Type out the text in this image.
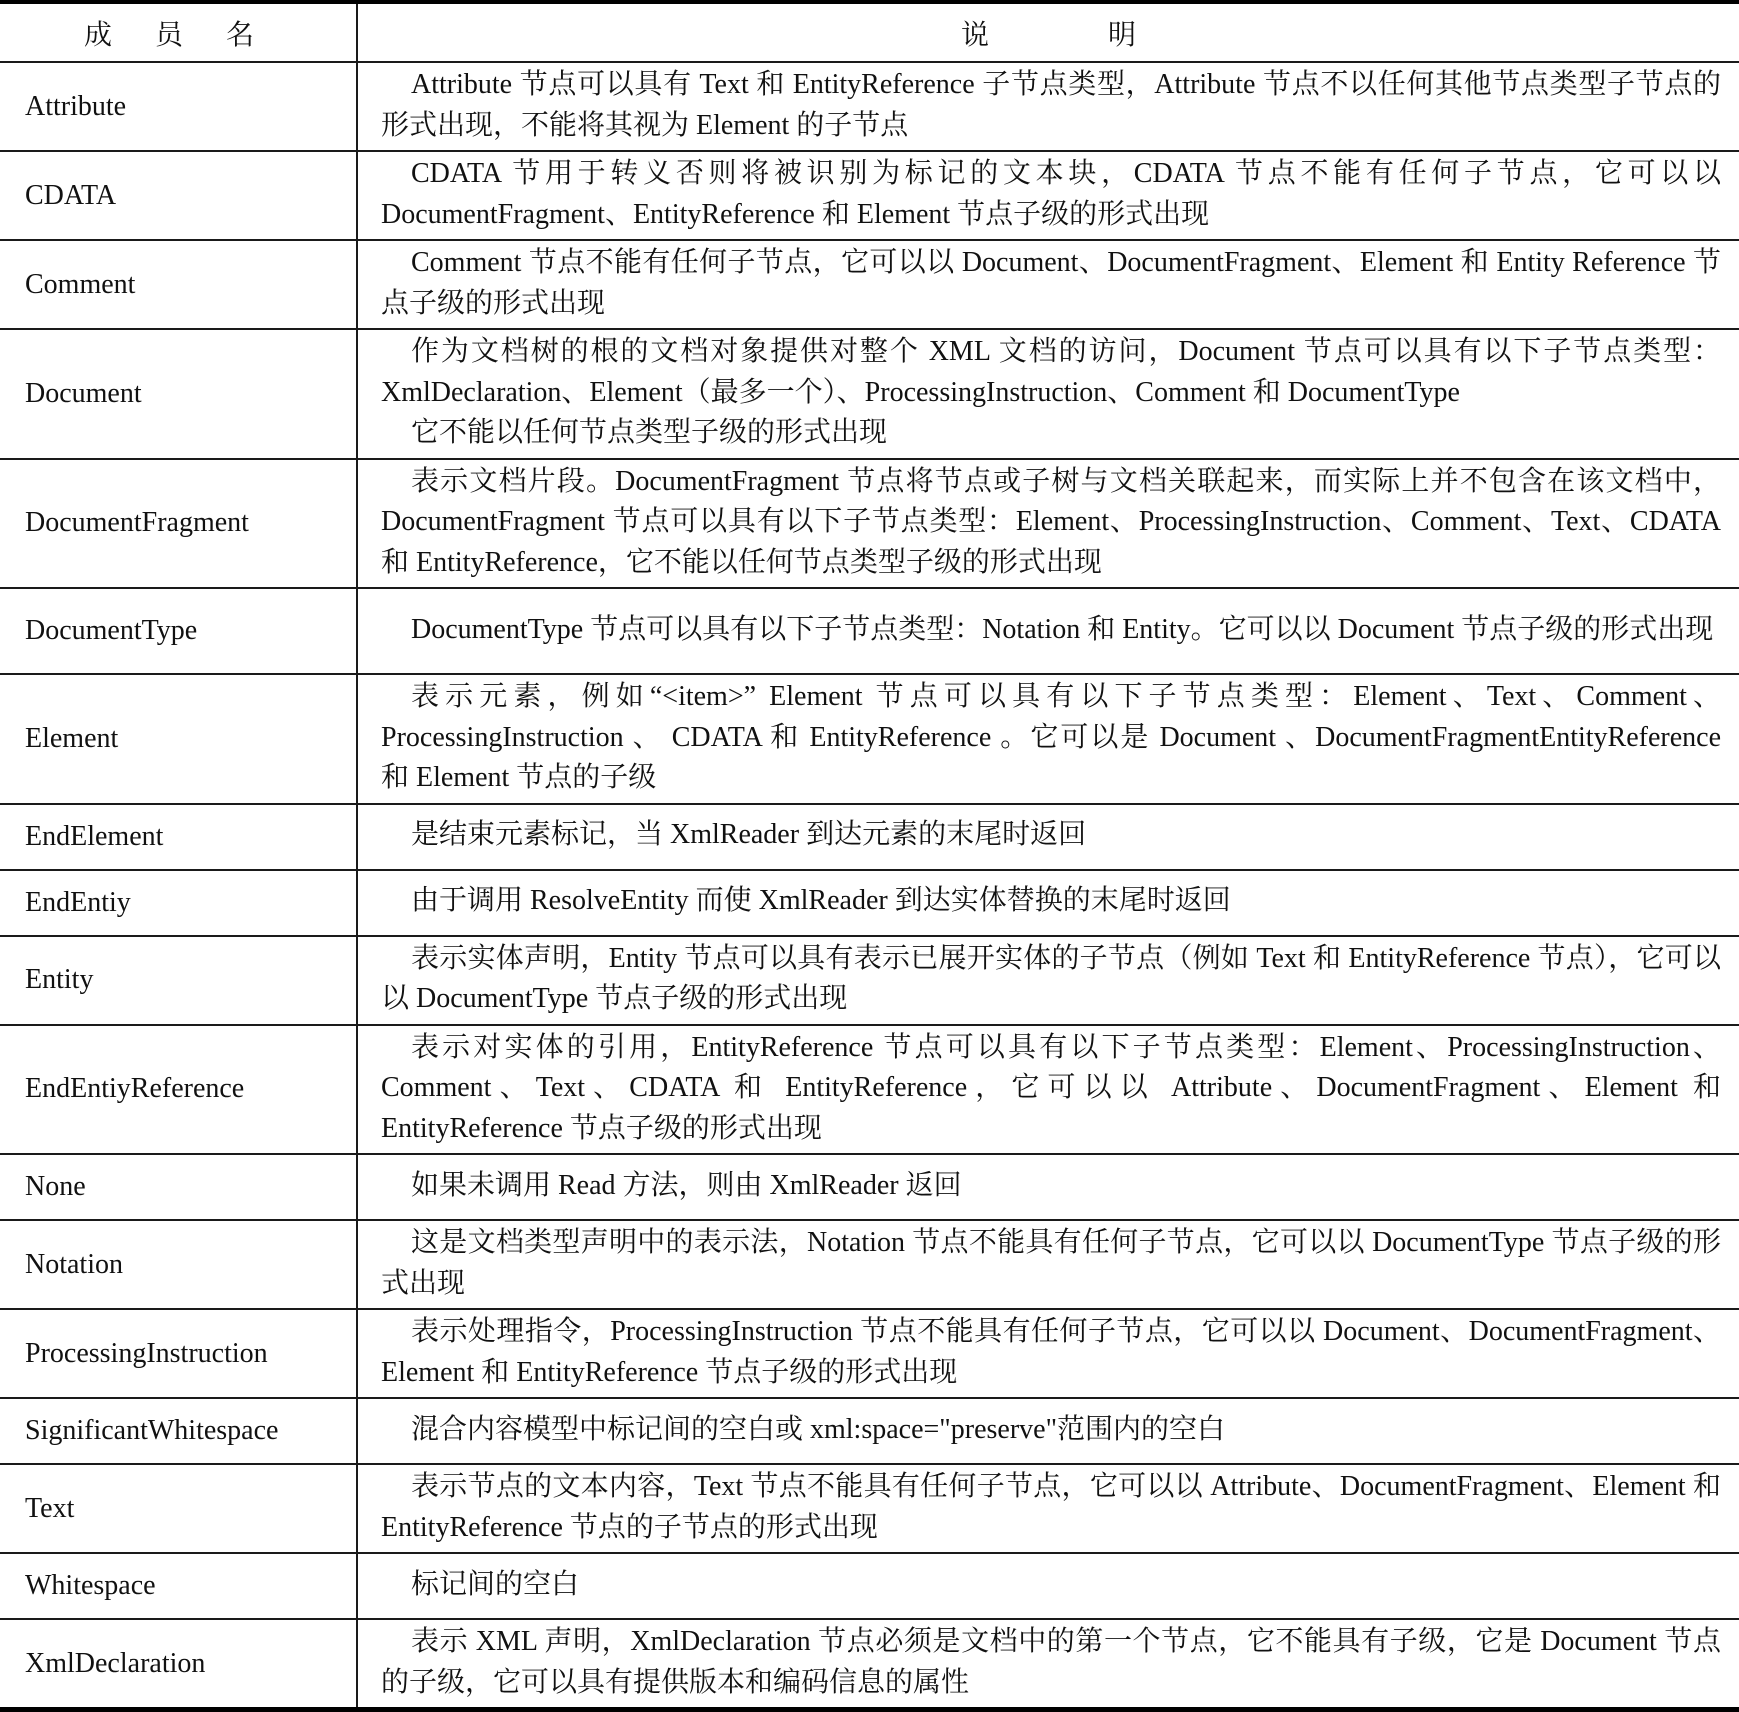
成 员 名	说 明
Attribute	Attribute 节点可以具有 Text 和 EntityReference 子节点类型，Attribute 节点不以任何其他节点类型子节点的形式出现，不能将其视为 Element 的子节点
CDATA	CDATA 节用于转义否则将被识别为标记的文本块，CDATA 节点不能有任何子节点，它可以以 DocumentFragment、EntityReference 和 Element 节点子级的形式出现
Comment	Comment 节点不能有任何子节点，它可以以 Document、DocumentFragment、Element 和 Entity Reference 节点子级的形式出现
Document	作为文档树的根的文档对象提供对整个 XML 文档的访问，Document 节点可以具有以下子节点类型：XmlDeclaration、Element（最多一个）、ProcessingInstruction、Comment 和 DocumentType
它不能以任何节点类型子级的形式出现

DocumentFragment	表示文档片段。DocumentFragment 节点将节点或子树与文档关联起来，而实际上并不包含在该文档中，DocumentFragment 节点可以具有以下子节点类型：Element、ProcessingInstruction、Comment、Text、CDATA 和 EntityReference，它不能以任何节点类型子级的形式出现
DocumentType	DocumentType 节点可以具有以下子节点类型：Notation 和 Entity。它可以以 Document 节点子级的形式出现
Element	表示元素，例如“<item>” Element 节点可以具有以下子节点类型：Element、Text、Comment、ProcessingInstruction 、 CDATA 和 EntityReference 。它可以是 Document 、DocumentFragmentEntityReference 和 Element 节点的子级
EndElement	是结束元素标记，当 XmlReader 到达元素的末尾时返回
EndEntiy	由于调用 ResolveEntity 而使 XmlReader 到达实体替换的末尾时返回
Entity	表示实体声明，Entity 节点可以具有表示已展开实体的子节点（例如 Text 和 EntityReference 节点），它可以以 DocumentType 节点子级的形式出现
EndEntiyReference	表示对实体的引用，EntityReference 节点可以具有以下子节点类型：Element、ProcessingInstruction、Comment、Text、CDATA 和 EntityReference，它可以以 Attribute、DocumentFragment、Element 和 EntityReference 节点子级的形式出现
None	如果未调用 Read 方法，则由 XmlReader 返回
Notation	这是文档类型声明中的表示法，Notation 节点不能具有任何子节点，它可以以 DocumentType 节点子级的形式出现
ProcessingInstruction	表示处理指令，ProcessingInstruction 节点不能具有任何子节点，它可以以 Document、DocumentFragment、Element 和 EntityReference 节点子级的形式出现
SignificantWhitespace	混合内容模型中标记间的空白或 xml:space="preserve"范围内的空白
Text	表示节点的文本内容，Text 节点不能具有任何子节点，它可以以 Attribute、DocumentFragment、Element 和 EntityReference 节点的子节点的形式出现
Whitespace	标记间的空白
XmlDeclaration	表示 XML 声明，XmlDeclaration 节点必须是文档中的第一个节点，它不能具有子级，它是 Document 节点的子级，它可以具有提供版本和编码信息的属性
